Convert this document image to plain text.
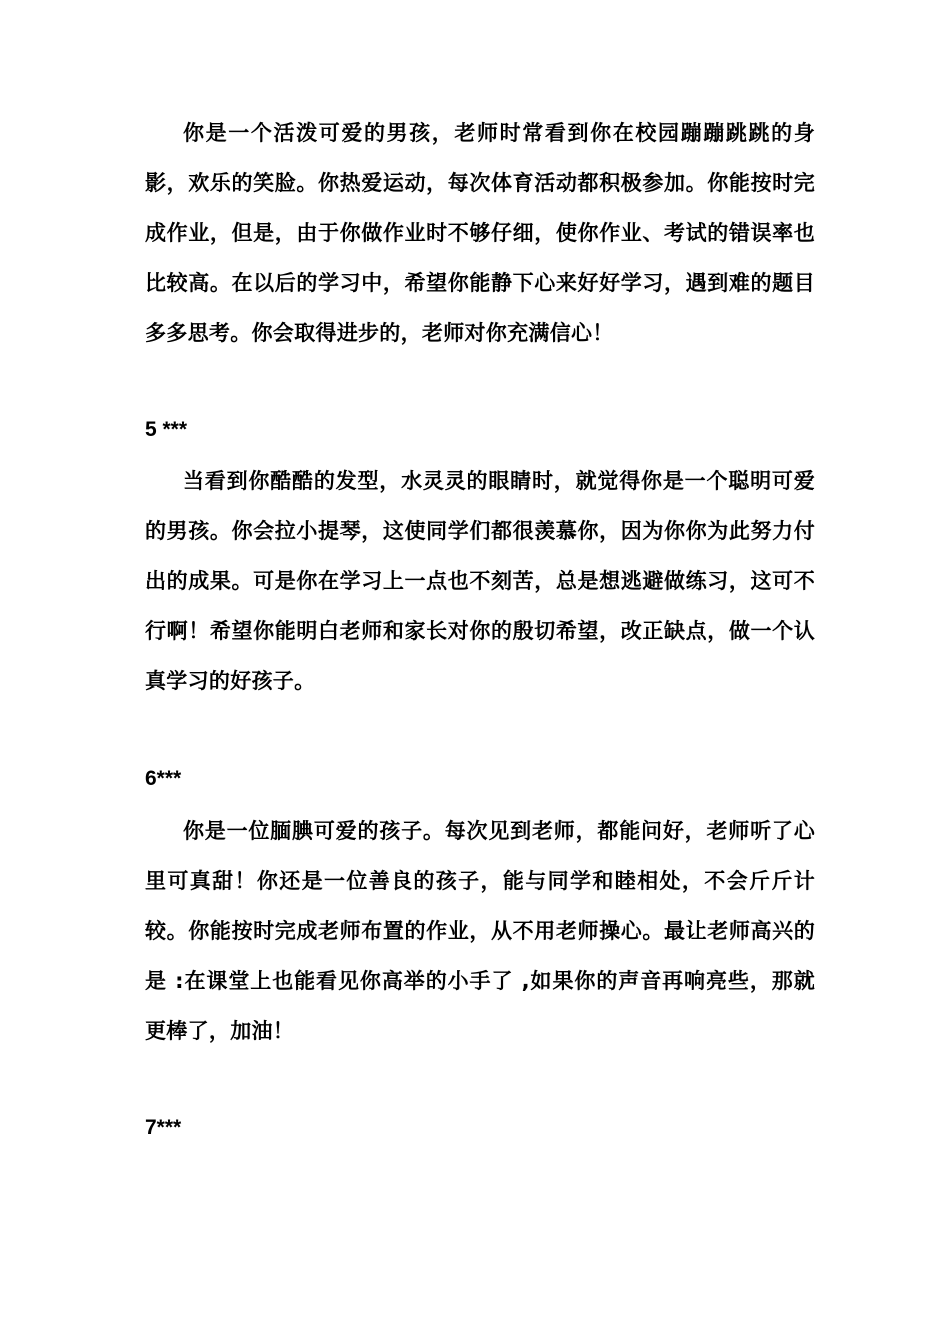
你是一个活泼可爱的男孩，老师时常看到你在校园蹦蹦跳跳的身影，欢乐的笑脸。你热爱运动，每次体育活动都积极参加。你能按时完成作业，但是，由于你做作业时不够仔细，使你作业、考试的错误率也比较高。在以后的学习中，希望你能静下心来好好学习，遇到难的题目多多思考。你会取得进步的，老师对你充满信心！

5 ***

当看到你酷酷的发型，水灵灵的眼睛时，就觉得你是一个聪明可爱的男孩。你会拉小提琴，这使同学们都很羡慕你，因为你你为此努力付出的成果。可是你在学习上一点也不刻苦，总是想逃避做练习，这可不行啊！希望你能明白老师和家长对你的殷切希望，改正缺点，做一个认真学习的好孩子。

6***

你是一位腼腆可爱的孩子。每次见到老师，都能问好，老师听了心里可真甜！你还是一位善良的孩子，能与同学和睦相处，不会斤斤计较。你能按时完成老师布置的作业，从不用老师操心。最让老师高兴的是 :在课堂上也能看见你高举的小手了 ,如果你的声音再响亮些，那就更棒了，加油！

7***
